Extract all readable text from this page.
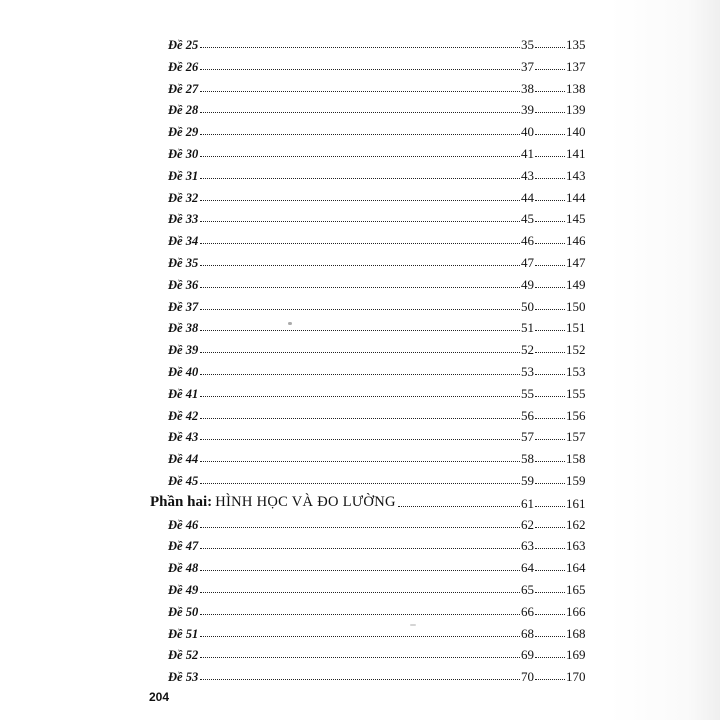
Đề 25	35 135
Đề 26	37 137
Đề 27	38 138
Đề 28	39 139
Đề 29	40 140
Đề 30	41 141
Đề 31	43 143
Đề 32	44 144
Đề 33	45 145
Đề 34	46 146
Đề 35	47 147
Đề 36	49 149
Đề 37	50 150
Đề 38	51 151
Đề 39	52 152
Đề 40	53 153
Đề 41	55 155
Đề 42	56 156
Đề 43	57 157
Đề 44	58 158
Đề 45	59 159
Phần hai: HÌNH HỌC VÀ ĐO LƯỜNG	61 161
Đề 46	62 162
Đề 47	63 163
Đề 48	64 164
Đề 49	65 165
Đề 50	66 166
Đề 51	68 168
Đề 52	69 169
Đề 53	70 170
204
